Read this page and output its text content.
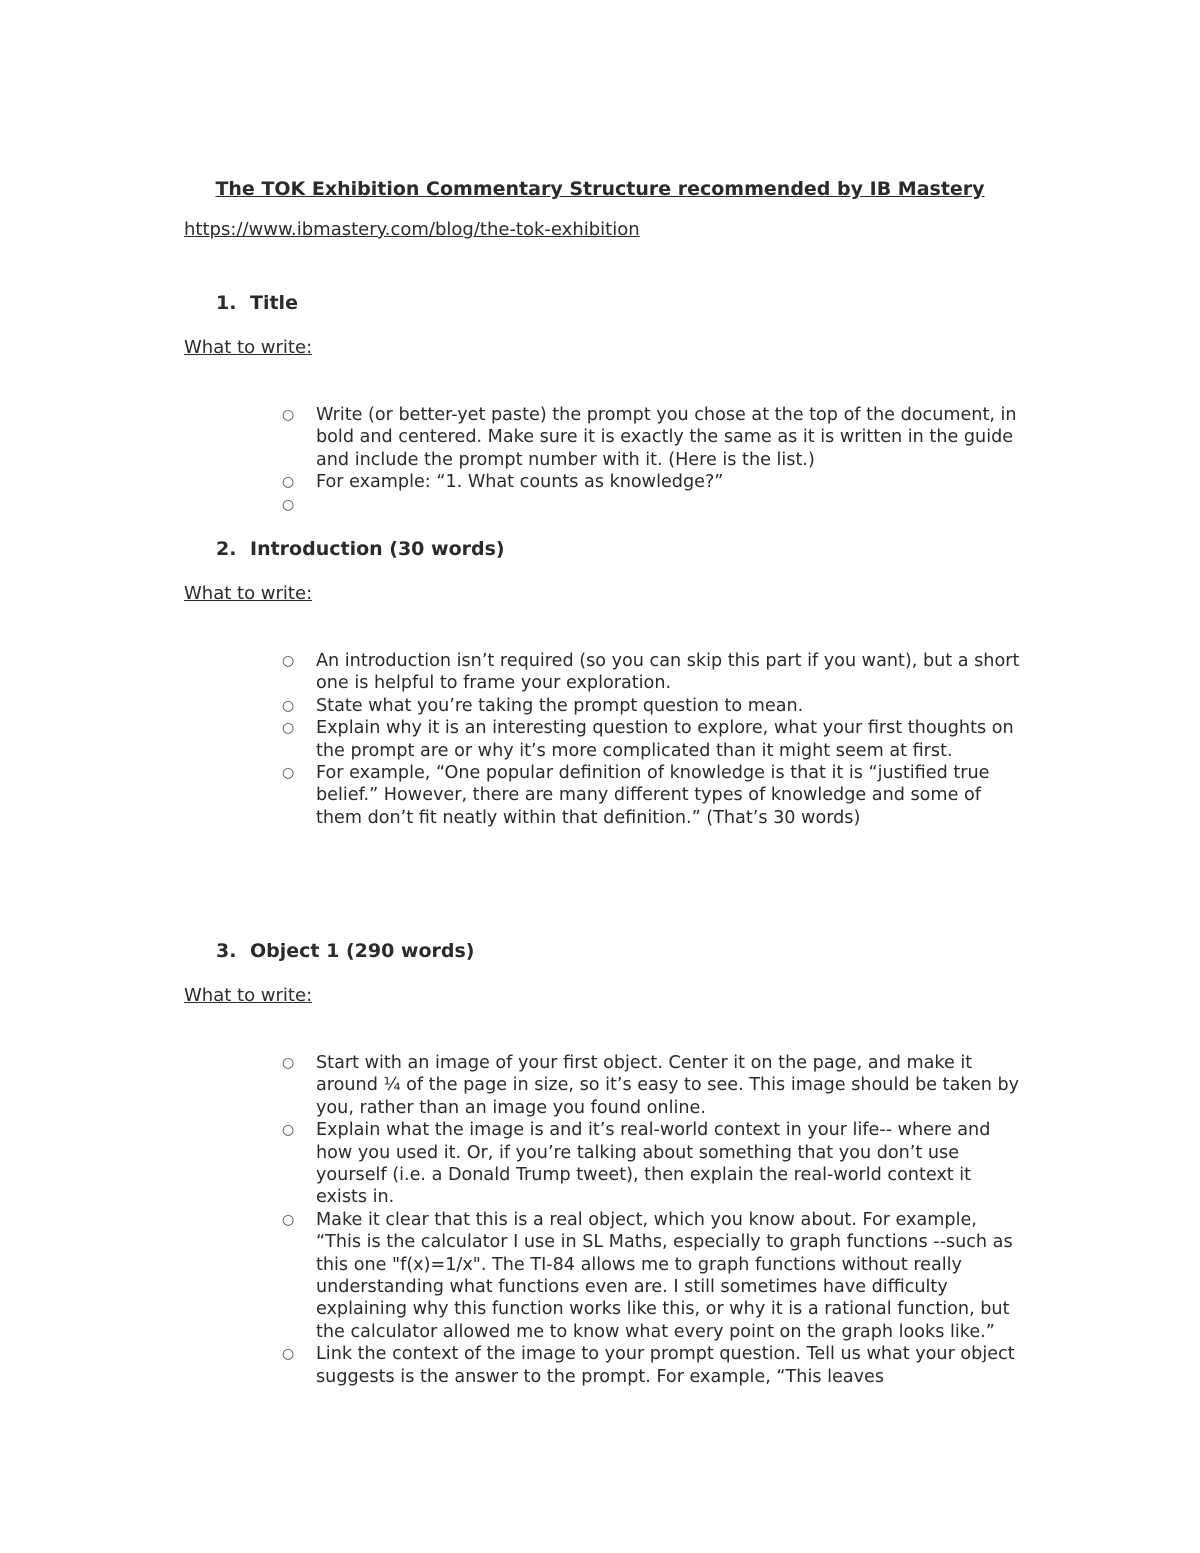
The TOK Exhibition Commentary Structure recommended by IB Mastery
https://www.ibmastery.com/blog/the-tok-exhibition
1. Title
What to write:
○ Write (or better-yet paste) the prompt you chose at the top of the document, in bold and centered. Make sure it is exactly the same as it is written in the guide and include the prompt number with it. (Here is the list.)
○ For example: “1. What counts as knowledge?”
○
2. Introduction (30 words)
What to write:
○ An introduction isn’t required (so you can skip this part if you want), but a short one is helpful to frame your exploration.
○ State what you’re taking the prompt question to mean.
○ Explain why it is an interesting question to explore, what your first thoughts on the prompt are or why it’s more complicated than it might seem at first.
○ For example, “One popular definition of knowledge is that it is “justified true belief.” However, there are many different types of knowledge and some of them don’t fit neatly within that definition.” (That’s 30 words)
3. Object 1 (290 words)
What to write:
○ Start with an image of your first object. Center it on the page, and make it around ¼ of the page in size, so it’s easy to see. This image should be taken by you, rather than an image you found online.
○ Explain what the image is and it’s real-world context in your life-- where and how you used it. Or, if you’re talking about something that you don’t use yourself (i.e. a Donald Trump tweet), then explain the real-world context it exists in.
○ Make it clear that this is a real object, which you know about. For example, “This is the calculator I use in SL Maths, especially to graph functions --such as this one "f(x)=1/x". The TI-84 allows me to graph functions without really understanding what functions even are. I still sometimes have difficulty explaining why this function works like this, or why it is a rational function, but the calculator allowed me to know what every point on the graph looks like.”
○ Link the context of the image to your prompt question. Tell us what your object suggests is the answer to the prompt. For example, “This leaves
